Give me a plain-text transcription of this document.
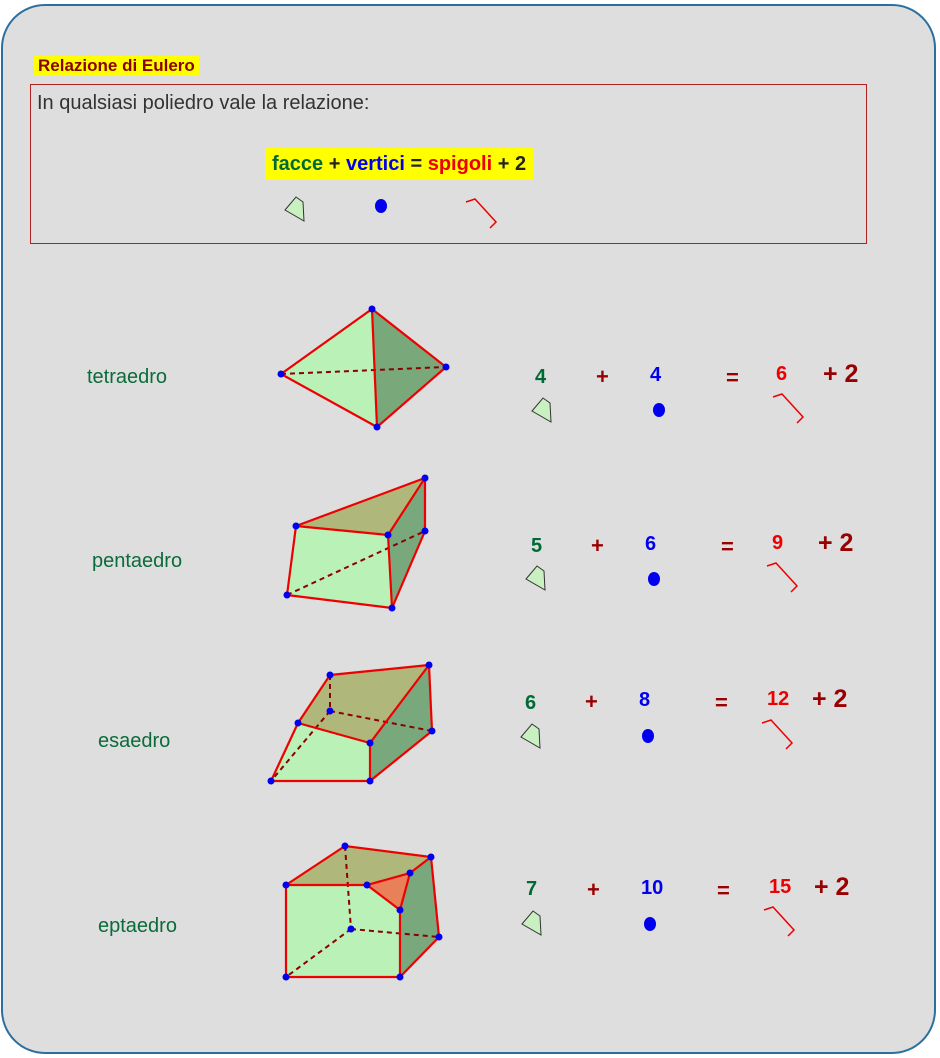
Relazione di Eulero
In qualsiasi poliedro vale la relazione:
facce + vertici = spigoli + 2
tetraedro	4 + 4	= 6 + 2
pentaedro
5 + 6	= 9 + 2
esaedro
6 + 8	= 12 + 2
eptaedro
7 + 10 = 15 + 2
